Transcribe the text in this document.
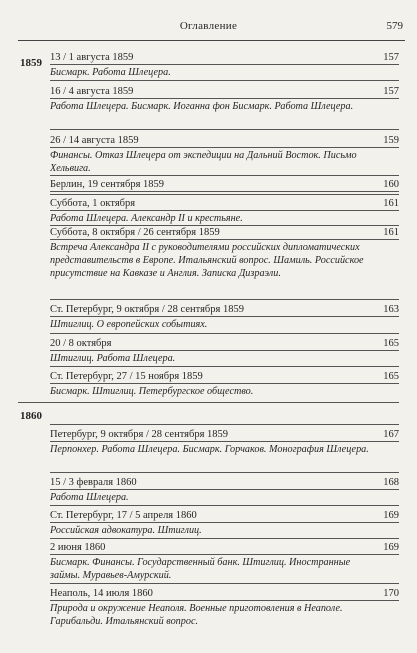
Оглавление	579
1859 13 / 1 августа 1859	157
Бисмарк. Работа Шлецера.
16 / 4 августа 1859	157
Работа Шлецера. Бисмарк. Иоганна фон Бисмарк. Работа Шлецера.
26 / 14 августа 1859	159
Финансы. Отказ Шлецера от экспедиции на Дальний Восток. Письмо Хельвига.
Берлин, 19 сентября 1859	160
Суббота, 1 октября	161
Работа Шлецера. Александр II и крестьяне.
Суббота, 8 октября / 26 сентября 1859	161
Встреча Александра II с руководителями российских дипломатических представительств в Европе. Итальянский вопрос. Шамиль. Российское присутствие на Кавказе и Англия. Записка Дизраэли.
Ст. Петербург, 9 октября / 28 сентября 1859	163
Штиглиц. О европейских событиях.
20 / 8 октября	165
Штиглиц. Работа Шлецера.
Ст. Петербург, 27 / 15 ноября 1859	165
Бисмарк. Штиглиц. Петербургское общество.
1860
Петербург, 9 октября / 28 сентября 1859	167
Перпонхер. Работа Шлецера. Бисмарк. Горчаков. Монография Шлецера.
15 / 3 февраля 1860	168
Работа Шлецера.
Ст. Петербург, 17 / 5 апреля 1860	169
Российская адвокатура. Штиглиц.
2 июня 1860	169
Бисмарк. Финансы. Государственный банк. Штиглиц. Иностранные займы. Муравьев-Амурский.
Неаполь, 14 июля 1860	170
Природа и окружение Неаполя. Военные приготовления в Неаполе. Гарибальди. Итальянский вопрос.
